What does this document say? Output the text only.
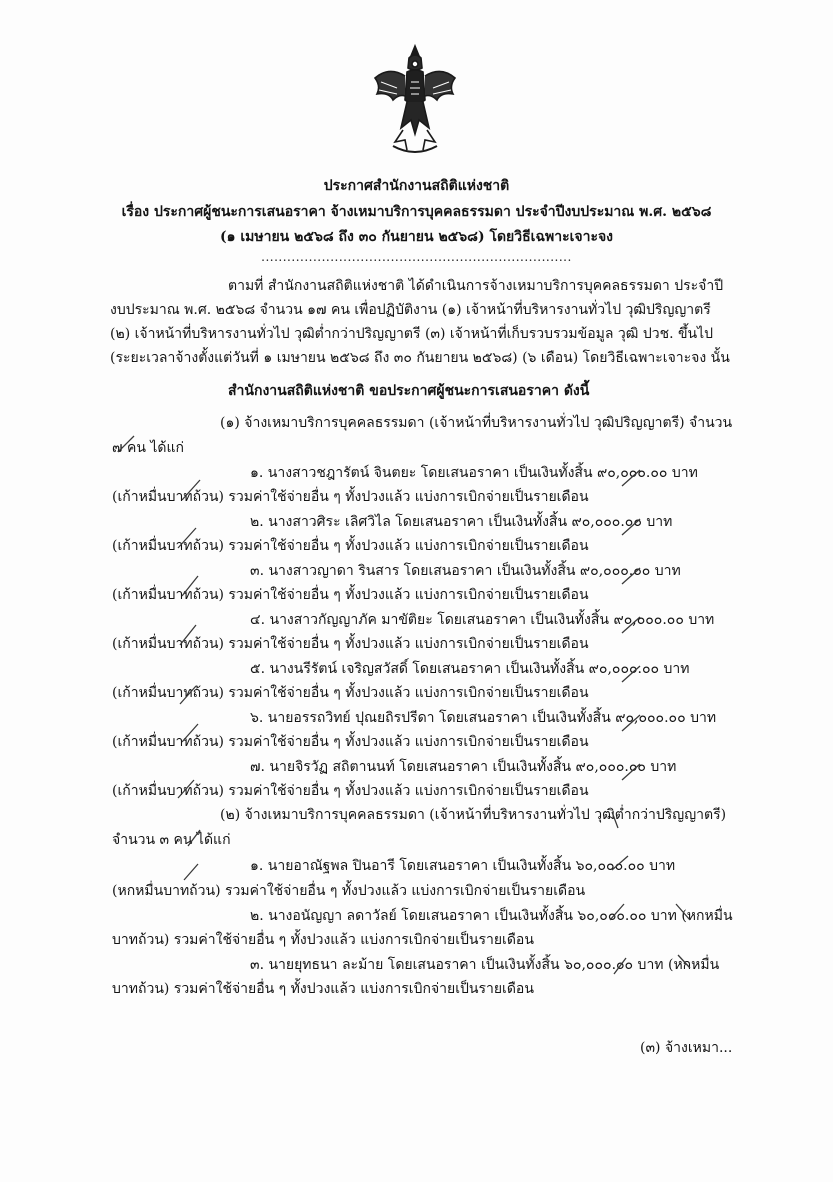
ประกาศสำนักงานสถิติแห่งชาติ
เรื่อง ประกาศผู้ชนะการเสนอราคา จ้างเหมาบริการบุคคลธรรมดา ประจำปีงบประมาณ พ.ศ. ๒๕๖๘
(๑ เมษายน ๒๕๖๘ ถึง ๓๐ กันยายน ๒๕๖๘) โดยวิธีเฉพาะเจาะจง
........................................................................
ตามที่ สำนักงานสถิติแห่งชาติ ได้ดำเนินการจ้างเหมาบริการบุคคลธรรมดา ประจำปี
งบประมาณ พ.ศ. ๒๕๖๘ จำนวน ๑๗ คน เพื่อปฏิบัติงาน (๑) เจ้าหน้าที่บริหารงานทั่วไป วุฒิปริญญาตรี
(๒) เจ้าหน้าที่บริหารงานทั่วไป วุฒิต่ำกว่าปริญญาตรี (๓) เจ้าหน้าที่เก็บรวบรวมข้อมูล วุฒิ ปวช. ขึ้นไป
(ระยะเวลาจ้างตั้งแต่วันที่ ๑ เมษายน ๒๕๖๘ ถึง ๓๐ กันยายน ๒๕๖๘) (๖ เดือน) โดยวิธีเฉพาะเจาะจง นั้น
สำนักงานสถิติแห่งชาติ ขอประกาศผู้ชนะการเสนอราคา ดังนี้
(๑) จ้างเหมาบริการบุคคลธรรมดา (เจ้าหน้าที่บริหารงานทั่วไป วุฒิปริญญาตรี) จำนวน
๗ คน ได้แก่
๑. นางสาวชฎารัตน์ จินตยะ โดยเสนอราคา เป็นเงินทั้งสิ้น ๙๐,๐๐๐.๐๐ บาท
(เก้าหมื่นบาทถ้วน) รวมค่าใช้จ่ายอื่น ๆ ทั้งปวงแล้ว แบ่งการเบิกจ่ายเป็นรายเดือน
๒. นางสาวศิระ เลิศวิไล โดยเสนอราคา เป็นเงินทั้งสิ้น ๙๐,๐๐๐.๐๐ บาท
(เก้าหมื่นบาทถ้วน) รวมค่าใช้จ่ายอื่น ๆ ทั้งปวงแล้ว แบ่งการเบิกจ่ายเป็นรายเดือน
๓. นางสาวญาดา รินสาร โดยเสนอราคา เป็นเงินทั้งสิ้น ๙๐,๐๐๐.๐๐ บาท
(เก้าหมื่นบาทถ้วน) รวมค่าใช้จ่ายอื่น ๆ ทั้งปวงแล้ว แบ่งการเบิกจ่ายเป็นรายเดือน
๔. นางสาวกัญญาภัค มาขัติยะ โดยเสนอราคา เป็นเงินทั้งสิ้น ๙๐,๐๐๐.๐๐ บาท
(เก้าหมื่นบาทถ้วน) รวมค่าใช้จ่ายอื่น ๆ ทั้งปวงแล้ว แบ่งการเบิกจ่ายเป็นรายเดือน
๕. นางนรีรัตน์ เจริญสวัสดิ์ โดยเสนอราคา เป็นเงินทั้งสิ้น ๙๐,๐๐๐.๐๐ บาท
(เก้าหมื่นบาทถ้วน) รวมค่าใช้จ่ายอื่น ๆ ทั้งปวงแล้ว แบ่งการเบิกจ่ายเป็นรายเดือน
๖. นายอรรถวิทย์ ปุณยถิรปรีดา โดยเสนอราคา เป็นเงินทั้งสิ้น ๙๐,๐๐๐.๐๐ บาท
(เก้าหมื่นบาทถ้วน) รวมค่าใช้จ่ายอื่น ๆ ทั้งปวงแล้ว แบ่งการเบิกจ่ายเป็นรายเดือน
๗. นายจิรวัฏ สถิตานนท์ โดยเสนอราคา เป็นเงินทั้งสิ้น ๙๐,๐๐๐.๐๐ บาท
(เก้าหมื่นบาทถ้วน) รวมค่าใช้จ่ายอื่น ๆ ทั้งปวงแล้ว แบ่งการเบิกจ่ายเป็นรายเดือน
(๒) จ้างเหมาบริการบุคคลธรรมดา (เจ้าหน้าที่บริหารงานทั่วไป วุฒิต่ำกว่าปริญญาตรี)
จำนวน ๓ คน ได้แก่
๑. นายอาณัฐพล ปินอารี โดยเสนอราคา เป็นเงินทั้งสิ้น ๖๐,๐๐๐.๐๐ บาท
(หกหมื่นบาทถ้วน) รวมค่าใช้จ่ายอื่น ๆ ทั้งปวงแล้ว แบ่งการเบิกจ่ายเป็นรายเดือน
๒. นางอนัญญา ลดาวัลย์ โดยเสนอราคา เป็นเงินทั้งสิ้น ๖๐,๐๐๐.๐๐ บาท (หกหมื่น
บาทถ้วน) รวมค่าใช้จ่ายอื่น ๆ ทั้งปวงแล้ว แบ่งการเบิกจ่ายเป็นรายเดือน
๓. นายยุทธนา ละม้าย โดยเสนอราคา เป็นเงินทั้งสิ้น ๖๐,๐๐๐.๐๐ บาท (หกหมื่น
บาทถ้วน) รวมค่าใช้จ่ายอื่น ๆ ทั้งปวงแล้ว แบ่งการเบิกจ่ายเป็นรายเดือน
(๓) จ้างเหมา...
